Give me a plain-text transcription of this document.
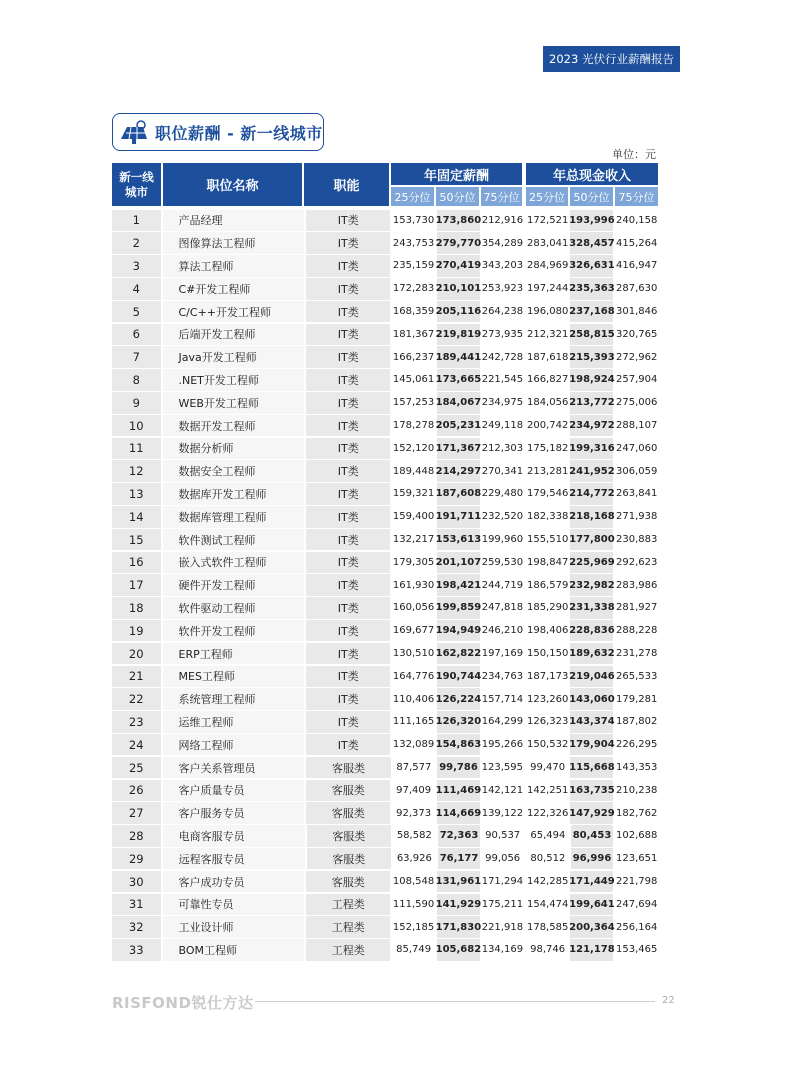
2023 光伏行业薪酬报告
职位薪酬 - 新一线城市
单位：元
新一线
城市	职位名称	职能
年固定薪酬	年总现金收入
25分位 50分位 75分位 25分位 50分位 75分位
1	产品经理	IT类	153,730 173,860 212,916 172,521 193,996 240,158
2	图像算法工程师	IT类	243,753 279,770 354,289 283,041 328,457 415,264
3	算法工程师	IT类	235,159 270,419 343,203 284,969 326,631 416,947
4	C#开发工程师	IT类	172,283 210,101 253,923 197,244 235,363 287,630
5	C/C++开发工程师	IT类	168,359 205,116 264,238 196,080 237,168 301,846
6	后端开发工程师	IT类	181,367 219,819 273,935 212,321 258,815 320,765
7	Java开发工程师	IT类	166,237 189,441 242,728 187,618 215,393 272,962
8	.NET开发工程师	IT类	145,061 173,665 221,545 166,827 198,924 257,904
9	WEB开发工程师	IT类	157,253 184,067 234,975 184,056 213,772 275,006
10	数据开发工程师	IT类	178,278 205,231 249,118 200,742 234,972 288,107
11	数据分析师	IT类	152,120 171,367 212,303 175,182 199,316 247,060
12	数据安全工程师	IT类	189,448 214,297 270,341 213,281 241,952 306,059
13	数据库开发工程师	IT类	159,321 187,608 229,480 179,546 214,772 263,841
14	数据库管理工程师	IT类	159,400 191,711 232,520 182,338 218,168 271,938
15	软件测试工程师	IT类	132,217 153,613 199,960 155,510 177,800 230,883
16	嵌入式软件工程师	IT类	179,305 201,107 259,530 198,847 225,969 292,623
17	硬件开发工程师	IT类	161,930 198,421 244,719 186,579 232,982 283,986
18	软件驱动工程师	IT类	160,056 199,859 247,818 185,290 231,338 281,927
19	软件开发工程师	IT类	169,677 194,949 246,210 198,406 228,836 288,228
20	ERP工程师	IT类	130,510 162,822 197,169 150,150 189,632 231,278
21	MES工程师	IT类	164,776 190,744 234,763 187,173 219,046 265,533
22	系统管理工程师	IT类	110,406 126,224 157,714 123,260 143,060 179,281
23	运维工程师	IT类	111,165 126,320 164,299 126,323 143,374 187,802
24	网络工程师	IT类	132,089 154,863 195,266 150,532 179,904 226,295
25	客户关系管理员	客服类	87,577 99,786 123,595 99,470 115,668 143,353
26	客户质量专员	客服类	97,409 111,469 142,121 142,251 163,735 210,238
27	客户服务专员	客服类	92,373 114,669 139,122 122,326 147,929 182,762
28	电商客服专员	客服类	58,582 72,363 90,537	65,494 80,453 102,688
29	远程客服专员	客服类	63,926 76,177 99,056	80,512 96,996 123,651
30	客户成功专员	客服类	108,548 131,961 171,294 142,285 171,449 221,798
31	可靠性专员	工程类	111,590 141,929 175,211 154,474 199,641 247,694
32	工业设计师	工程类	152,185 171,830 221,918 178,585 200,364 256,164
33	BOM工程师	工程类	85,749 105,682 134,169 98,746 121,178 153,465
RISFOND锐仕方达	22
